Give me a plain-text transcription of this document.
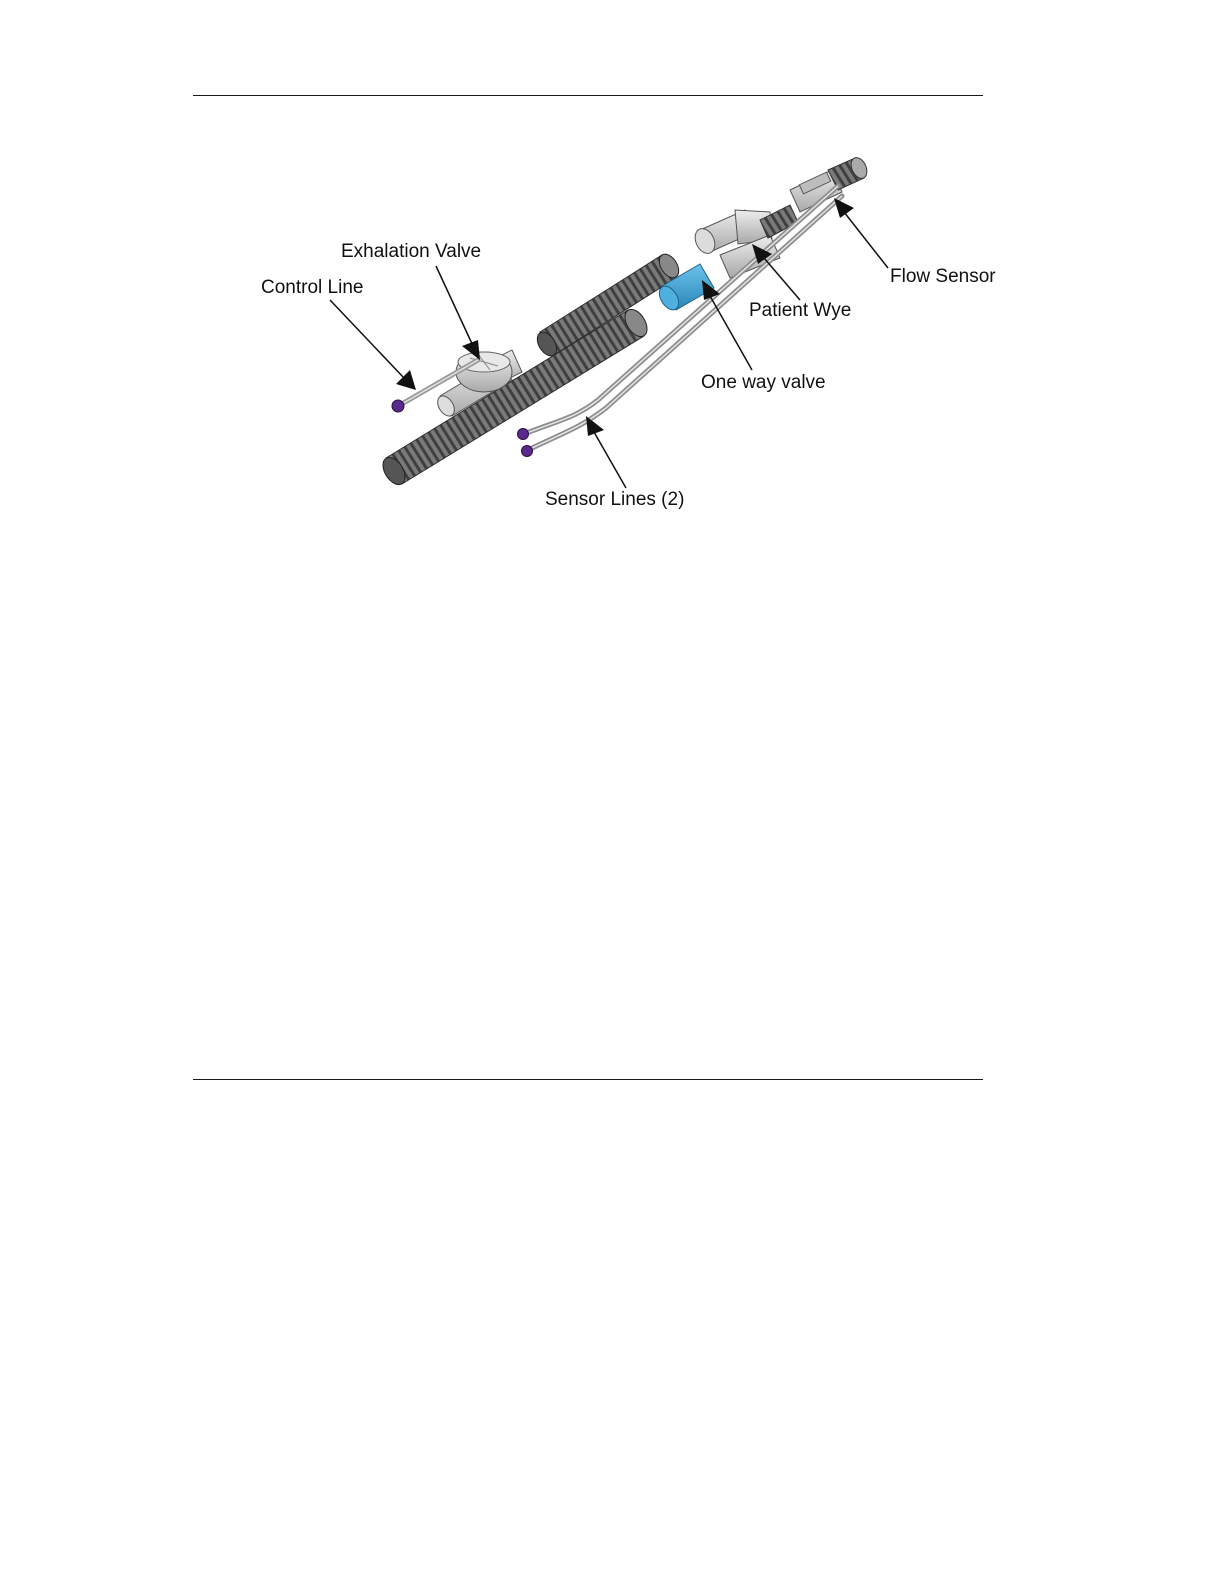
Exhalation Valve
Control Line
Flow Sensor
Patient Wye
One way valve
Sensor Lines (2)
